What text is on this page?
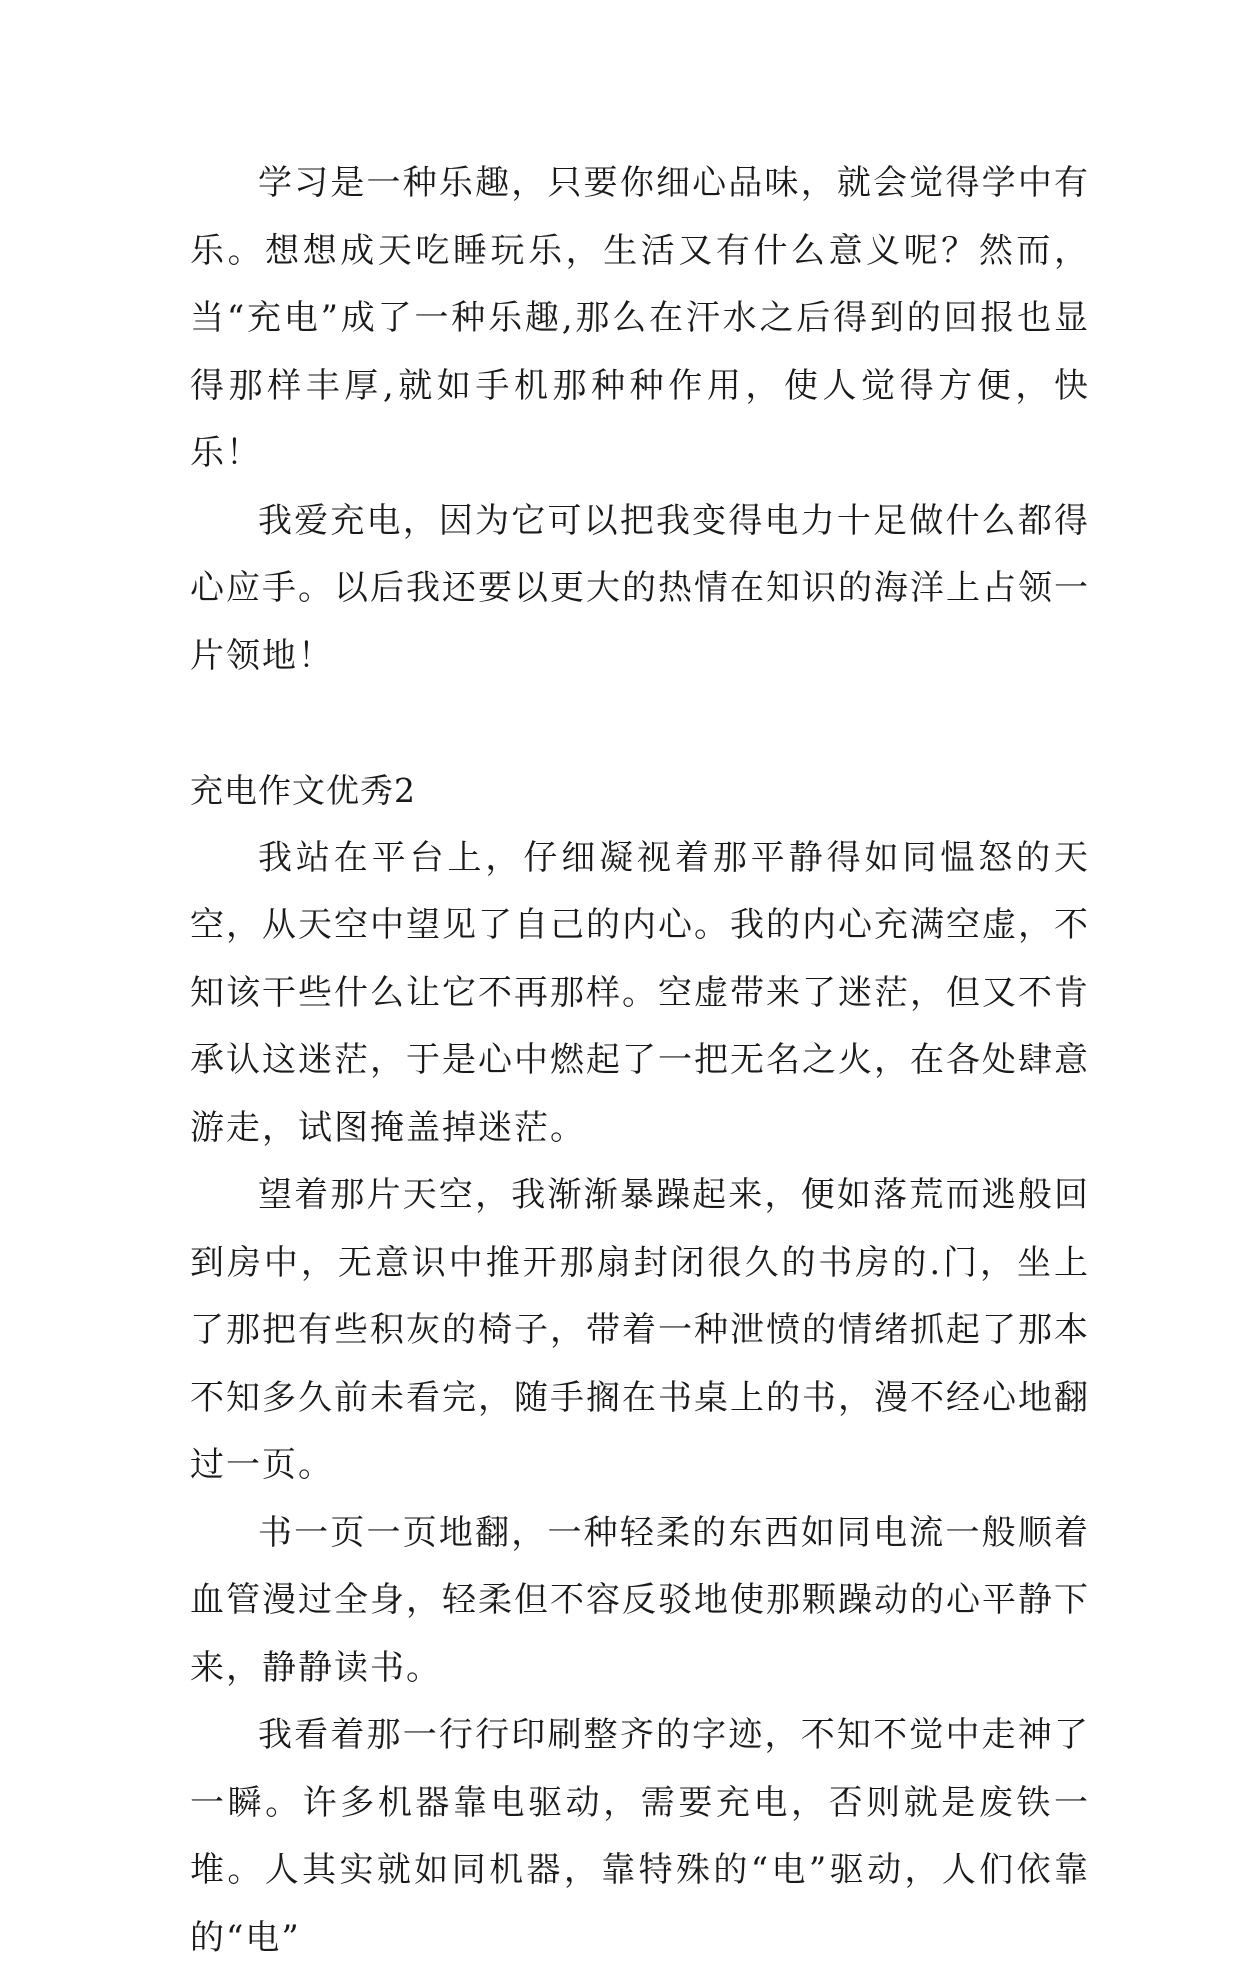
学习是一种乐趣，只要你细心品味，就会觉得学中有乐。想想成天吃睡玩乐，生活又有什么意义呢？然而，当“充电”成了一种乐趣,那么在汗水之后得到的回报也显得那样丰厚,就如手机那种种作用，使人觉得方便，快乐！

我爱充电，因为它可以把我变得电力十足做什么都得心应手。以后我还要以更大的热情在知识的海洋上占领一片领地！

充电作文优秀2

我站在平台上，仔细凝视着那平静得如同愠怒的天空，从天空中望见了自己的内心。我的内心充满空虚，不知该干些什么让它不再那样。空虚带来了迷茫，但又不肯承认这迷茫，于是心中燃起了一把无名之火，在各处肆意游走，试图掩盖掉迷茫。

望着那片天空，我渐渐暴躁起来，便如落荒而逃般回到房中，无意识中推开那扇封闭很久的书房的.门，坐上了那把有些积灰的椅子，带着一种泄愤的情绪抓起了那本不知多久前未看完，随手搁在书桌上的书，漫不经心地翻过一页。

书一页一页地翻，一种轻柔的东西如同电流一般顺着血管漫过全身，轻柔但不容反驳地使那颗躁动的心平静下来，静静读书。

我看着那一行行印刷整齐的字迹，不知不觉中走神了一瞬。许多机器靠电驱动，需要充电，否则就是废铁一堆。人其实就如同机器，靠特殊的“电”驱动，人们依靠的“电”
